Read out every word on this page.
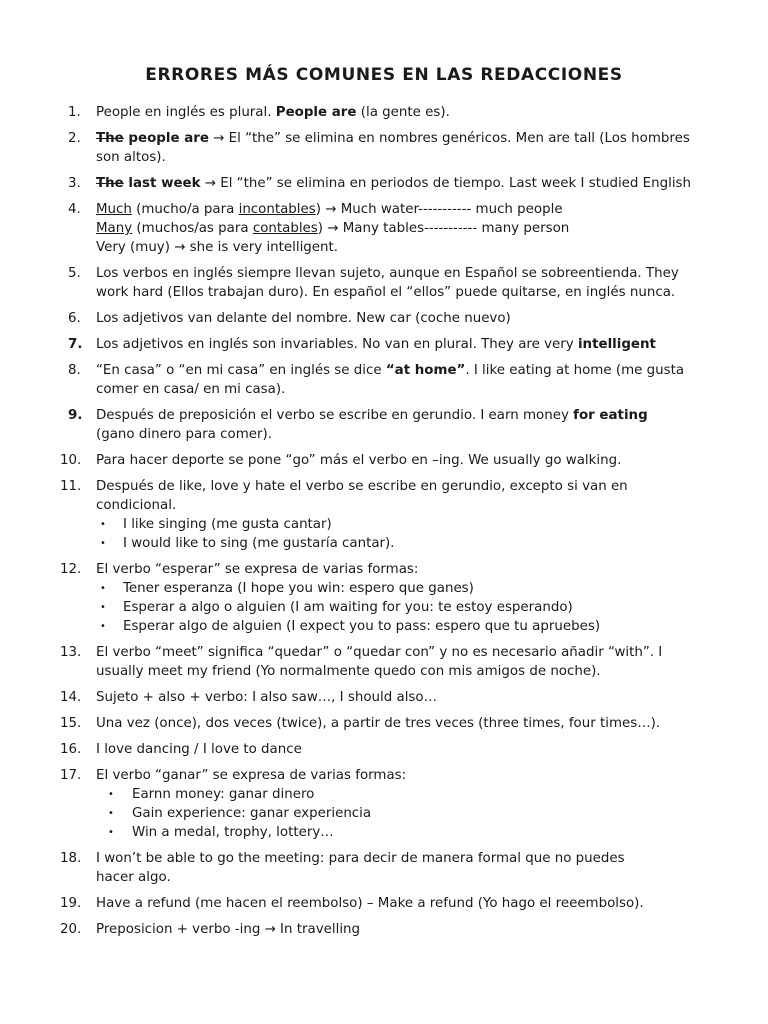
ERRORES MÁS COMUNES EN LAS REDACCIONES
1. People en inglés es plural. People are (la gente es).
2. The people are → El “the” se elimina en nombres genéricos. Men are tall (Los hombres
son altos).
3. The last week → El “the” se elimina en periodos de tiempo. Last week I studied English
4. Much (mucho/a para incontables) → Much water----------- much people
Many (muchos/as para contables) → Many tables----------- many person
Very (muy) → she is very intelligent.
5. Los verbos en inglés siempre llevan sujeto, aunque en Español se sobreentienda. They
work hard (Ellos trabajan duro). En español el “ellos” puede quitarse, en inglés nunca.
6. Los adjetivos van delante del nombre. New car (coche nuevo)
7. Los adjetivos en inglés son invariables. No van en plural. They are very intelligent
8. “En casa” o “en mi casa” en inglés se dice “at home”. I like eating at home (me gusta
comer en casa/ en mi casa).
9. Después de preposición el verbo se escribe en gerundio. I earn money for eating
(gano dinero para comer).
10. Para hacer deporte se pone “go” más el verbo en –ing. We usually go walking.
11. Después de like, love y hate el verbo se escribe en gerundio, excepto si van en
condicional.
• I like singing (me gusta cantar)
• I would like to sing (me gustaría cantar).
12. El verbo “esperar” se expresa de varias formas:
• Tener esperanza (I hope you win: espero que ganes)
• Esperar a algo o alguien (I am waiting for you: te estoy esperando)
• Esperar algo de alguien (I expect you to pass: espero que tu apruebes)
13. El verbo “meet” significa “quedar” o “quedar con” y no es necesario añadir “with”. I
usually meet my friend (Yo normalmente quedo con mis amigos de noche).
14. Sujeto + also + verbo: I also saw…, I should also…
15. Una vez (once), dos veces (twice), a partir de tres veces (three times, four times…).
16. I love dancing / I love to dance
17. El verbo “ganar” se expresa de varias formas:
• Earnn money: ganar dinero
• Gain experience: ganar experiencia
• Win a medal, trophy, lottery…
18. I won’t be able to go the meeting: para decir de manera formal que no puedes
hacer algo.
19. Have a refund (me hacen el reembolso) – Make a refund (Yo hago el reeembolso).
20. Preposicion + verbo -ing → In travelling
